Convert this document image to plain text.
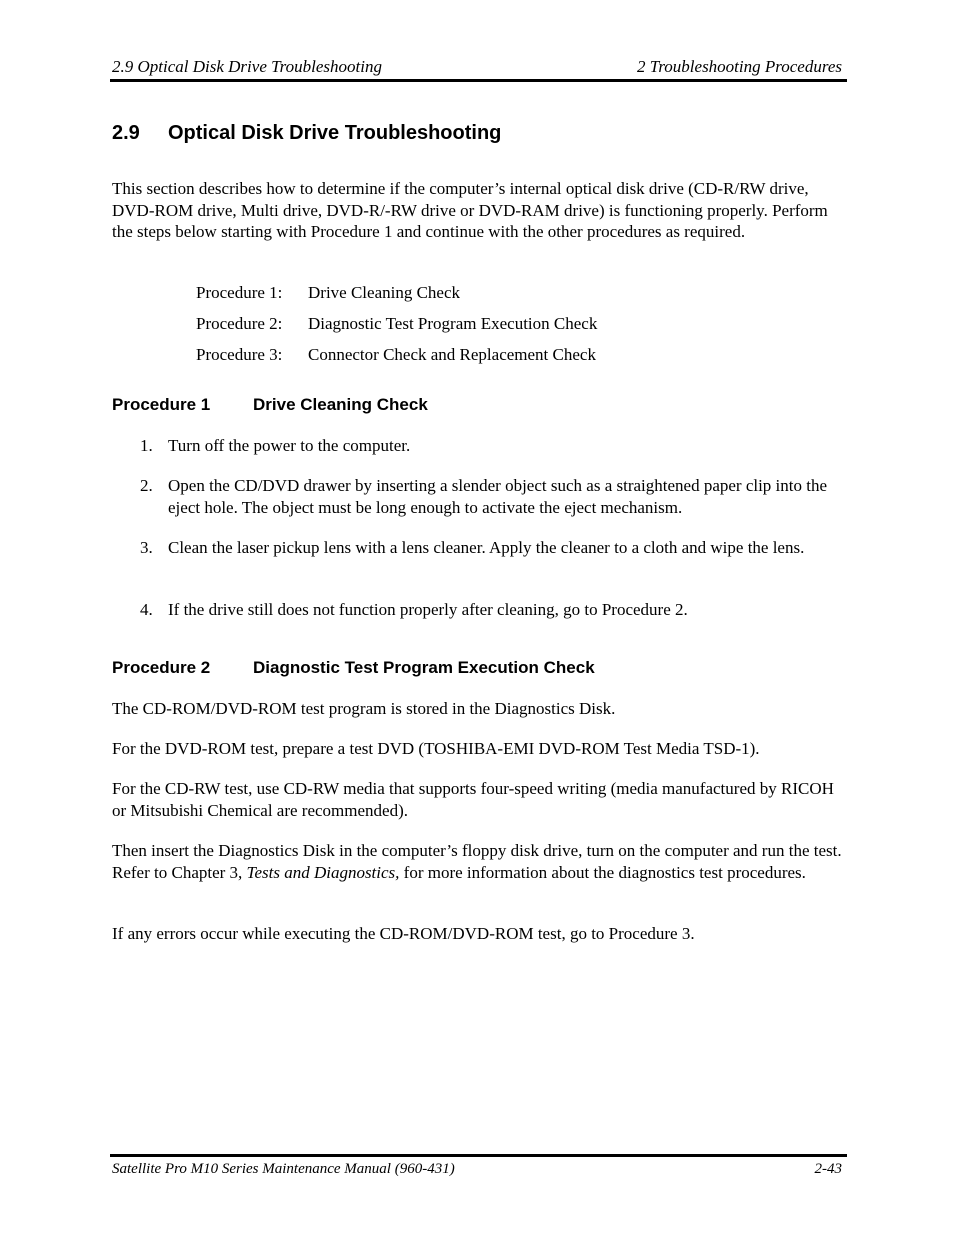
2.9 Optical Disk Drive Troubleshooting	2 Troubleshooting Procedures
2.9 Optical Disk Drive Troubleshooting
This section describes how to determine if the computer’s internal optical disk drive (CD-R/RW drive, DVD-ROM drive, Multi drive, DVD-R/-RW drive or DVD-RAM drive) is functioning properly. Perform the steps below starting with Procedure 1 and continue with the other procedures as required.
Procedure 1: Drive Cleaning Check
Procedure 2: Diagnostic Test Program Execution Check
Procedure 3: Connector Check and Replacement Check
Procedure 1	Drive Cleaning Check
1. Turn off the power to the computer.
2. Open the CD/DVD drawer by inserting a slender object such as a straightened paper clip into the eject hole. The object must be long enough to activate the eject mechanism.
3. Clean the laser pickup lens with a lens cleaner. Apply the cleaner to a cloth and wipe the lens.
4. If the drive still does not function properly after cleaning, go to Procedure 2.
Procedure 2	Diagnostic Test Program Execution Check
The CD-ROM/DVD-ROM test program is stored in the Diagnostics Disk.
For the DVD-ROM test, prepare a test DVD (TOSHIBA-EMI DVD-ROM Test Media TSD-1).
For the CD-RW test, use CD-RW media that supports four-speed writing (media manufactured by RICOH or Mitsubishi Chemical are recommended).
Then insert the Diagnostics Disk in the computer’s floppy disk drive, turn on the computer and run the test. Refer to Chapter 3, Tests and Diagnostics, for more information about the diagnostics test procedures.
If any errors occur while executing the CD-ROM/DVD-ROM test, go to Procedure 3.
Satellite Pro M10 Series Maintenance Manual (960-431)	2-43
